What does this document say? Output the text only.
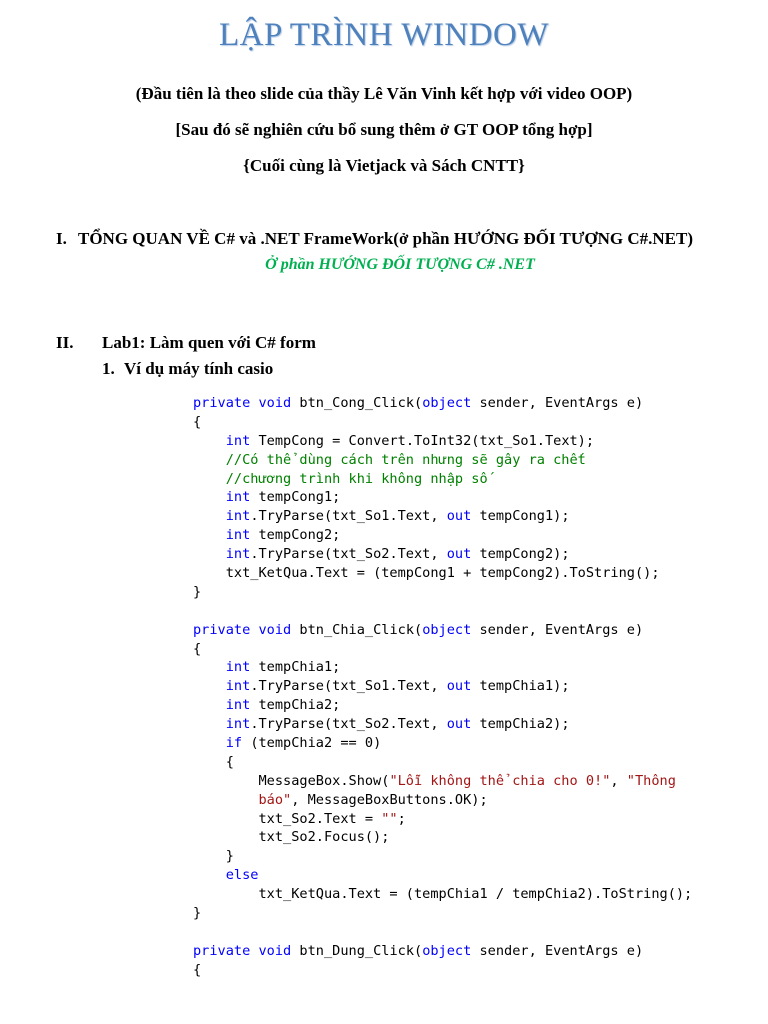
LẬP TRÌNH WINDOW
(Đầu tiên là theo slide của thầy Lê Văn Vinh kết hợp với video OOP)
[Sau đó sẽ nghiên cứu bổ sung thêm ở GT OOP tổng hợp]
{Cuối cùng là Vietjack và Sách CNTT}
I. TỔNG QUAN VỀ C# và .NET FrameWork(ở phần HƯỚNG ĐỐI TƯỢNG C#.NET)
Ở phần HƯỚNG ĐỐI TƯỢNG C# .NET
II. Lab1: Làm quen với C# form
1. Ví dụ máy tính casio
private void btn_Cong_Click(object sender, EventArgs e)
{
int TempCong = Convert.ToInt32(txt_So1.Text);
//Có thể dùng cách trên nhưng sẽ gây ra chết
//chương trình khi không nhập số
int tempCong1;
int.TryParse(txt_So1.Text, out tempCong1);
int tempCong2;
int.TryParse(txt_So2.Text, out tempCong2);
txt_KetQua.Text = (tempCong1 + tempCong2).ToString();
}
private void btn_Chia_Click(object sender, EventArgs e)
{
int tempChia1;
int.TryParse(txt_So1.Text, out tempChia1);
int tempChia2;
int.TryParse(txt_So2.Text, out tempChia2);
if (tempChia2 == 0)
{
MessageBox.Show("Lỗi không thể chia cho 0!", "Thông
báo", MessageBoxButtons.OK);
txt_So2.Text = "";
txt_So2.Focus();
}
else
txt_KetQua.Text = (tempChia1 / tempChia2).ToString();
}
private void btn_Dung_Click(object sender, EventArgs e)
{
